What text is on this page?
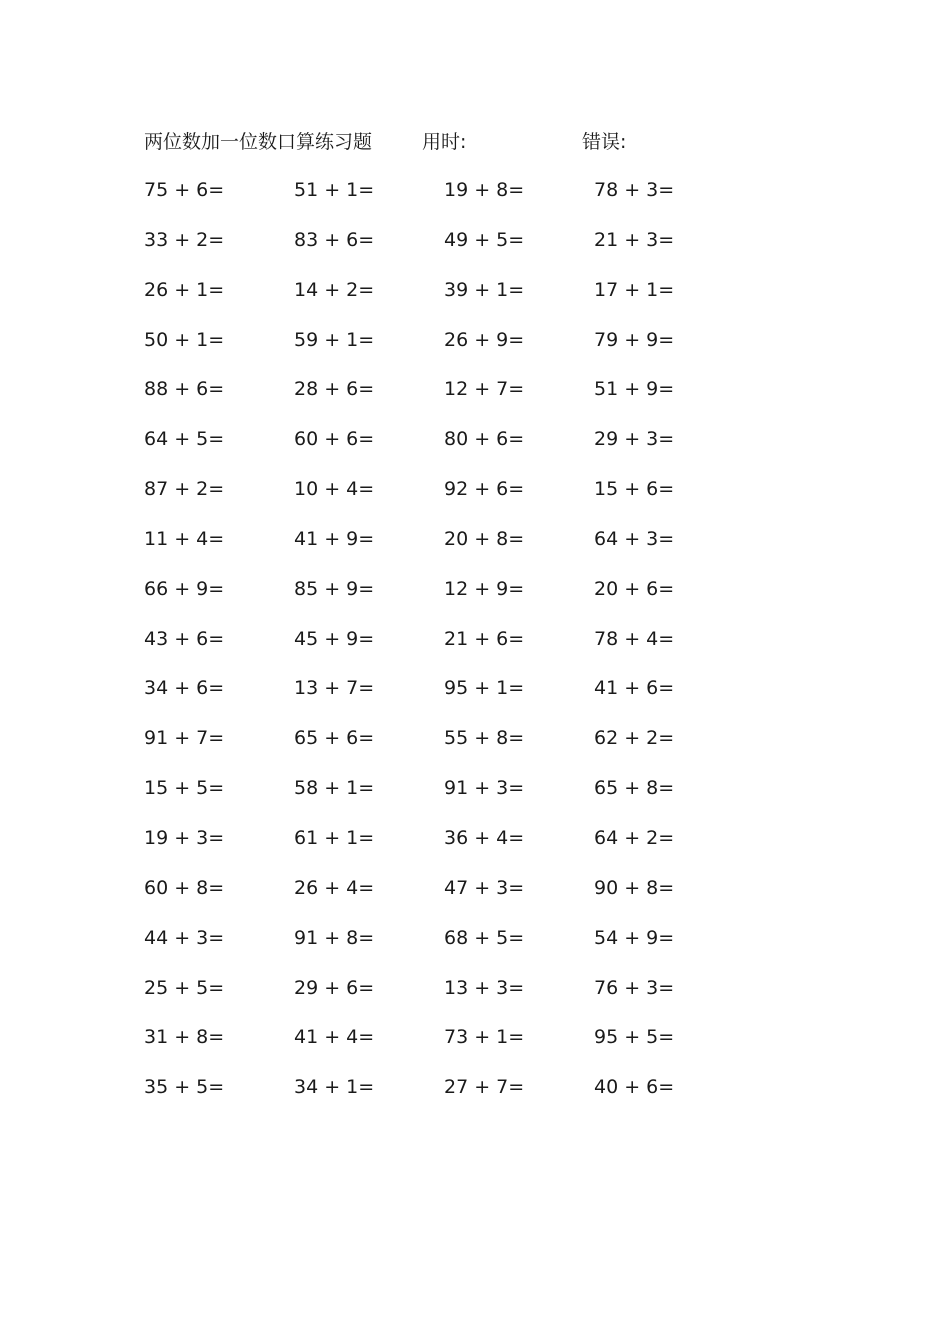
两位数加一位数口算练习题	用时:	错误:
75 + 6=	51 + 1=	19 + 8=	78 + 3=
33 + 2=	83 + 6=	49 + 5=	21 + 3=
26 + 1=	14 + 2=	39 + 1=	17 + 1=
50 + 1=	59 + 1=	26 + 9=	79 + 9=
88 + 6=	28 + 6=	12 + 7=	51 + 9=
64 + 5=	60 + 6=	80 + 6=	29 + 3=
87 + 2=	10 + 4=	92 + 6=	15 + 6=
11 + 4=	41 + 9=	20 + 8=	64 + 3=
66 + 9=	85 + 9=	12 + 9=	20 + 6=
43 + 6=	45 + 9=	21 + 6=	78 + 4=
34 + 6=	13 + 7=	95 + 1=	41 + 6=
91 + 7=	65 + 6=	55 + 8=	62 + 2=
15 + 5=	58 + 1=	91 + 3=	65 + 8=
19 + 3=	61 + 1=	36 + 4=	64 + 2=
60 + 8=	26 + 4=	47 + 3=	90 + 8=
44 + 3=	91 + 8=	68 + 5=	54 + 9=
25 + 5=	29 + 6=	13 + 3=	76 + 3=
31 + 8=	41 + 4=	73 + 1=	95 + 5=
35 + 5=	34 + 1=	27 + 7=	40 + 6=
